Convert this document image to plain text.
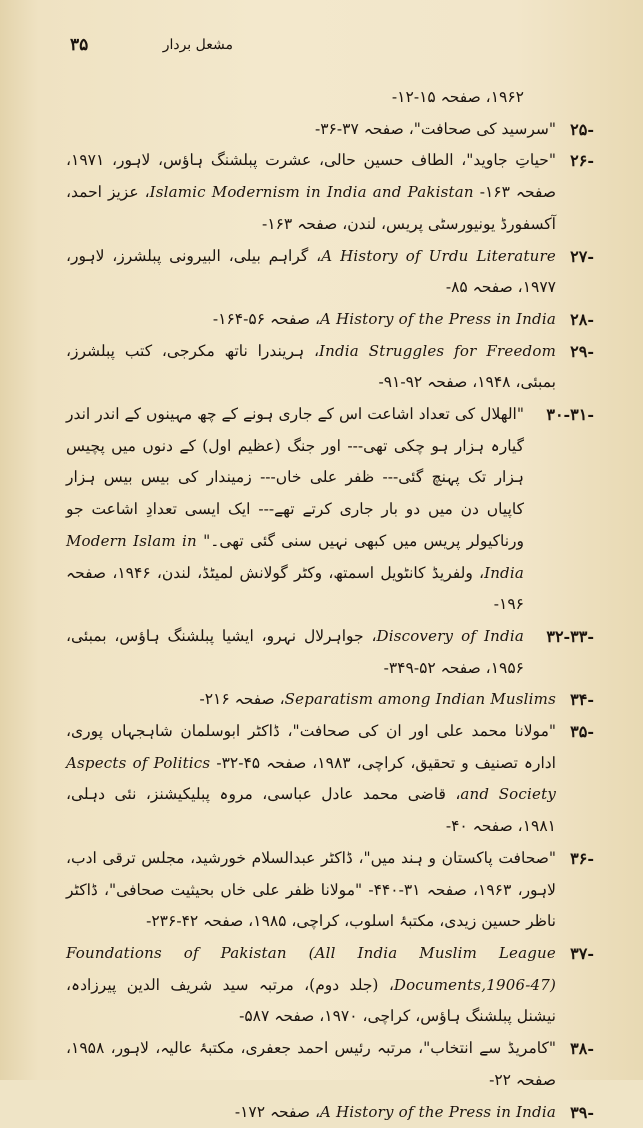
۳۵	مشعل بردار
۱۹۶۲، صفحہ ۱۵-۱۲-
-۲۵
"سرسید کی صحافت"، صفحہ ۳۷-۳۶-
-۲۶
"حیاتِ جاوید"، الطاف حسین حالی، عشرت پبلشنگ ہاؤس، لاہور، ۱۹۷۱، صفحہ ۱۶۳- Islamic Modernism in India and Pakistan، عزیز احمد، آکسفورڈ یونیورسٹی پریس، لندن، صفحہ ۱۶۳-
-۲۷
A History of Urdu Literature، گراہم بیلی، البیرونی پبلشرز، لاہور، ۱۹۷۷، صفحہ ۸۵-
-۲۸
A History of the Press in India، صفحہ ۵۶-۱۶۴-
-۲۹
India Struggles for Freedom، ہریندرا ناتھ مکرجی، کتب پبلشرز، بمبئی، ۱۹۴۸، صفحہ ۹۲-۹۱-
-۳۰-۳۱
"الھلال کی تعداد اشاعت اس کے جاری ہونے کے چھ مہینوں کے اندر اندر گیارہ ہزار ہو چکی تھی--- اور جنگ (عظیم اول) کے دنوں میں پچیس ہزار تک پہنچ گئی--- ظفر علی خاں--- زمیندار کی بیس بیس ہزار کاپیاں دن میں دو بار جاری کرتے تھے--- ایک ایسی تعدادِ اشاعت جو ورناکیولر پریس میں کبھی نہیں سنی گئی تھی۔" Modern Islam in India، ولفریڈ کانٹویل اسمتھ، وکٹر گولانش لمیٹڈ، لندن، ۱۹۴۶، صفحہ ۱۹۶-
-۳۲-۳۳
Discovery of India، جواہرلال نہرو، ایشیا پبلشنگ ہاؤس، بمبئی، ۱۹۵۶، صفحہ ۵۲-۳۴۹-
-۳۴
Separatism among Indian Muslims، صفحہ ۲۱۶-
-۳۵
"مولانا محمد علی اور ان کی صحافت"، ڈاکٹر ابوسلمان شاہجہاں پوری، ادارہ تصنیف و تحقیق، کراچی، ۱۹۸۳، صفحہ ۴۵-۳۲- Aspects of Politics and Society، قاضی محمد عادل عباسی، مروہ پبلیکیشنز، نئی دہلی، ۱۹۸۱، صفحہ ۴۰-
-۳۶
"صحافت پاکستان و ہند میں"، ڈاکٹر عبدالسلام خورشید، مجلس ترقی ادب، لاہور، ۱۹۶۳، صفحہ ۳۱-۴۴۰- "مولانا ظفر علی خاں بحیثیت صحافی"، ڈاکٹر ناظر حسین زیدی، مکتبۂ اسلوب، کراچی، ۱۹۸۵، صفحہ ۴۲-۲۳۶-
-۳۷
Foundations of Pakistan (All India Muslim League Documents,1906-47)، (جلد دوم)، مرتبہ سید شریف الدین پیرزادہ، نیشنل پبلشنگ ہاؤس، کراچی، ۱۹۷۰، صفحہ ۵۸۷-
-۳۸
"کامریڈ سے انتخاب"، مرتبہ رئیس احمد جعفری، مکتبۂ عالیہ، لاہور، ۱۹۵۸، صفحہ ۲۲-
-۳۹
A History of the Press in India، صفحہ ۱۷۲-
